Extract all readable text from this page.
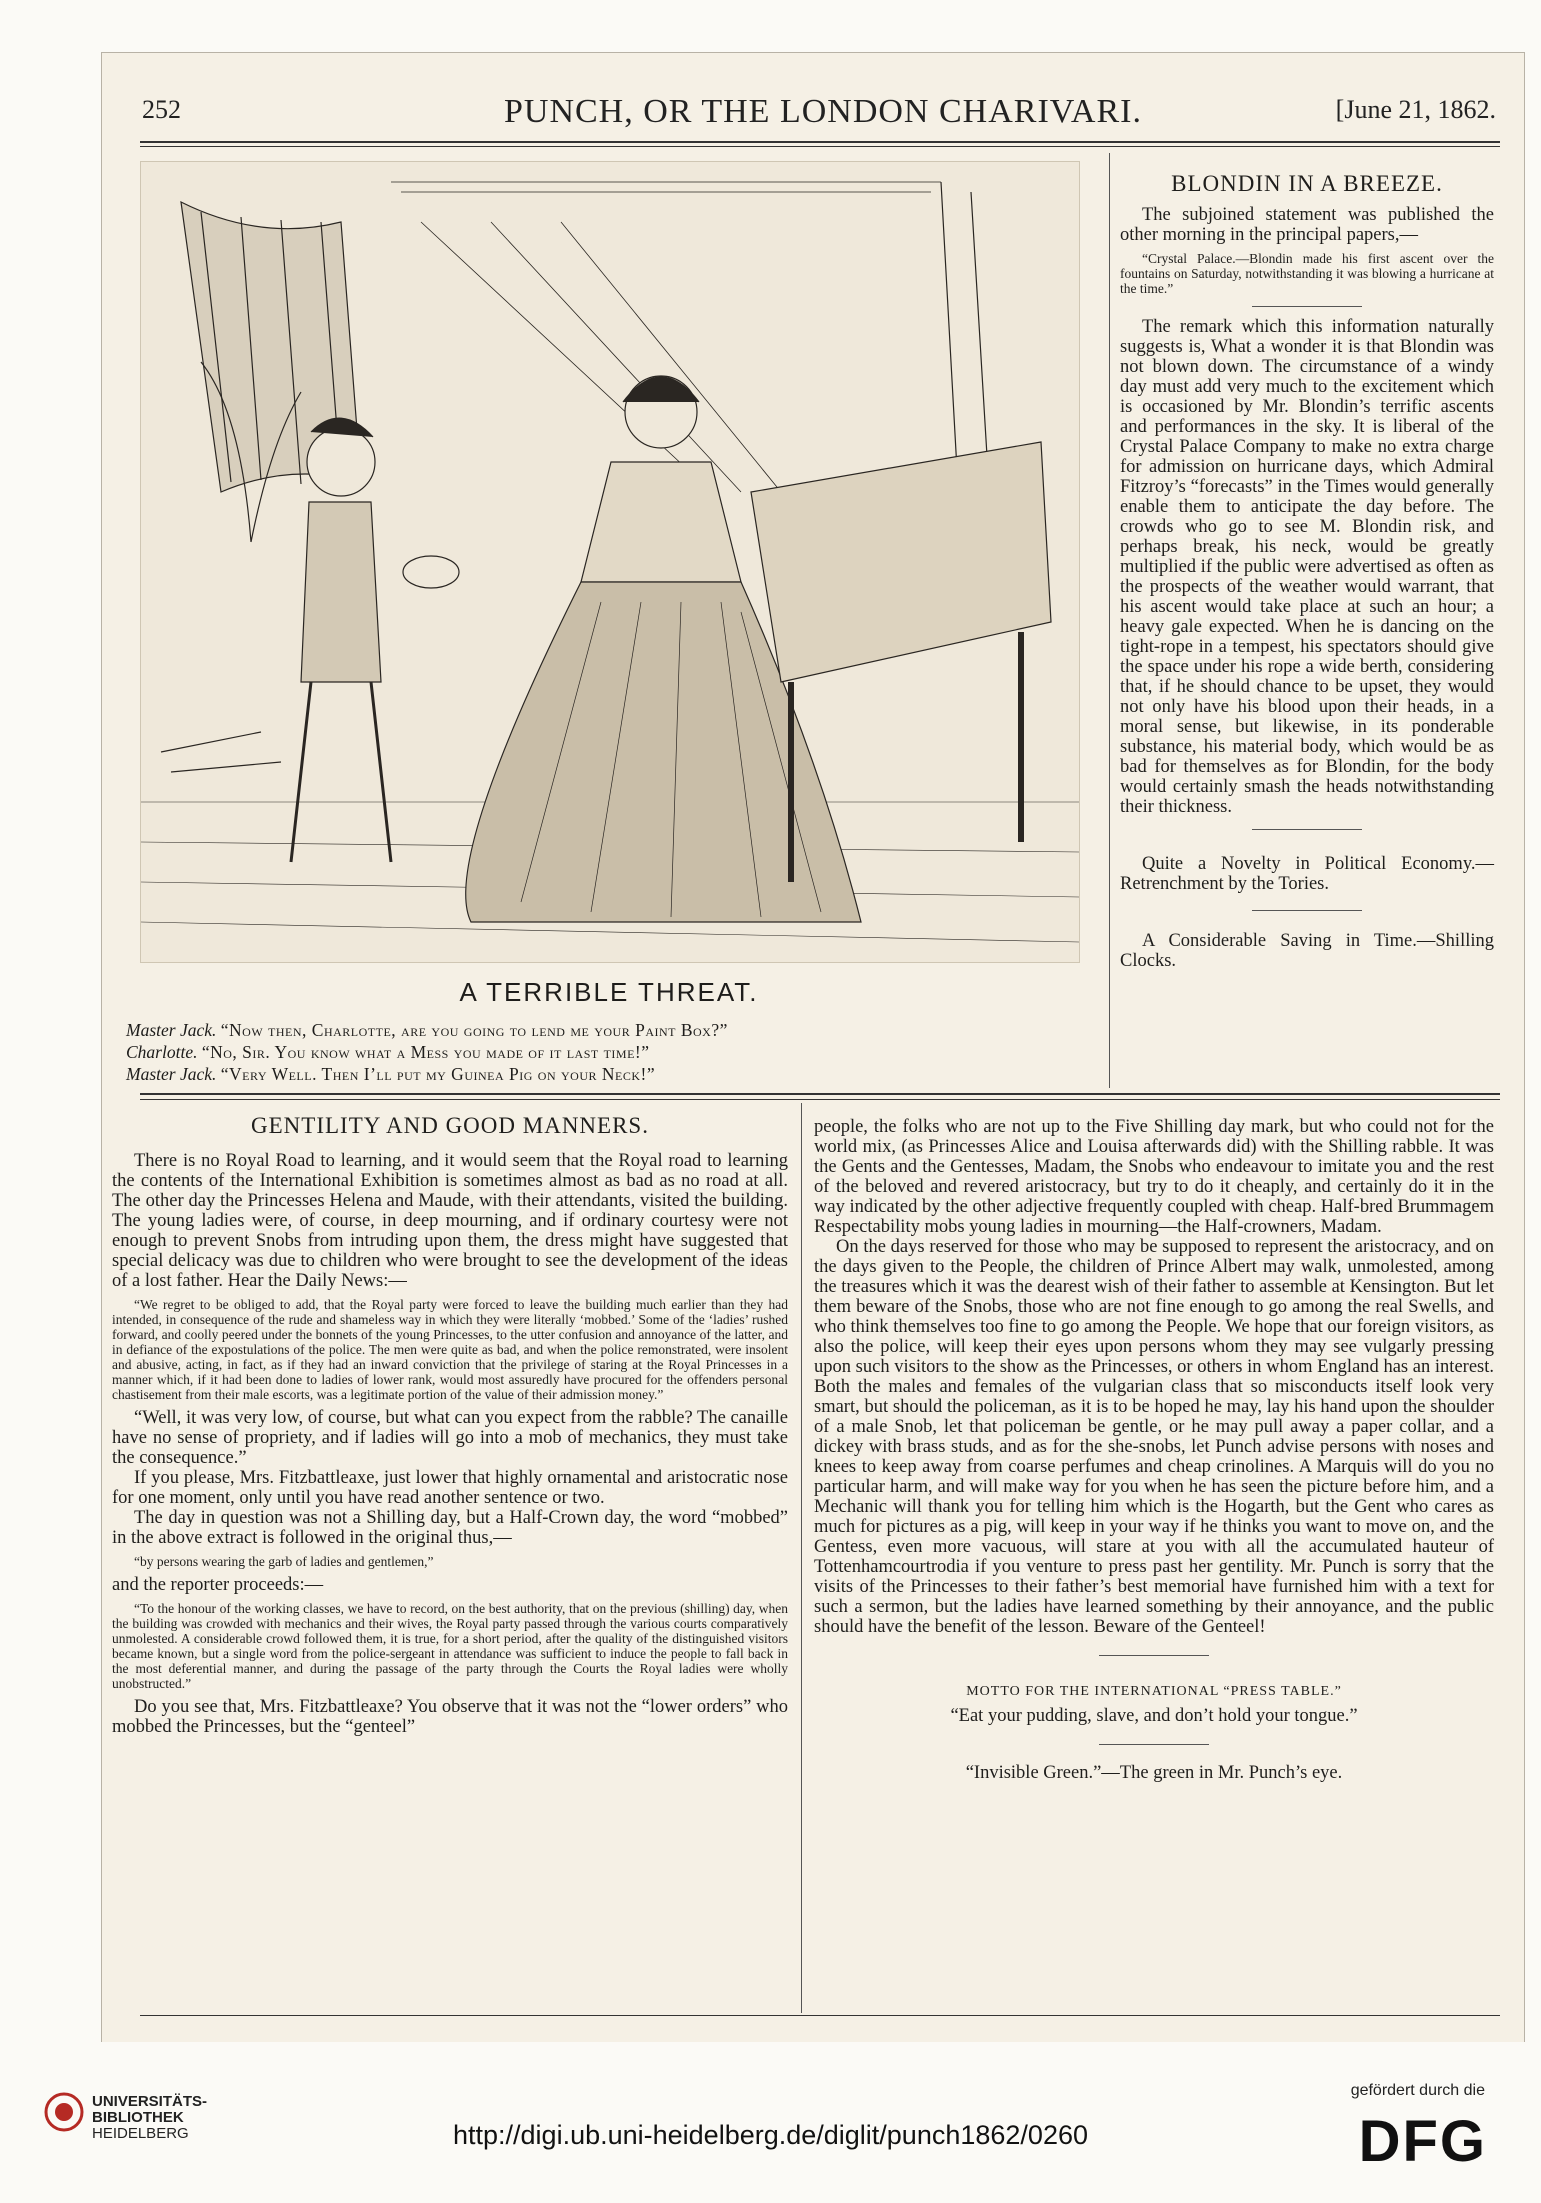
252	PUNCH, OR THE LONDON CHARIVARI.	[June 21, 1862.
A TERRIBLE THREAT.

Master Jack. “Now then, Charlotte, are you going to lend me your Paint Box?”

Charlotte. “No, Sir. You know what a Mess you made of it last time!”

Master Jack. “Very Well. Then I’ll put my Guinea Pig on your Neck!”

BLONDIN IN A BREEZE.

The subjoined statement was published the other morning in the principal papers,—

“Crystal Palace.—Blondin made his first ascent over the fountains on Saturday, notwithstanding it was blowing a hurricane at the time.”

The remark which this information naturally suggests is, What a wonder it is that Blondin was not blown down. The circumstance of a windy day must add very much to the excitement which is occasioned by Mr. Blondin’s terrific ascents and performances in the sky. It is liberal of the Crystal Palace Company to make no extra charge for admission on hurricane days, which Admiral Fitzroy’s “forecasts” in the Times would generally enable them to anticipate the day before. The crowds who go to see M. Blondin risk, and perhaps break, his neck, would be greatly multiplied if the public were advertised as often as the prospects of the weather would warrant, that his ascent would take place at such an hour; a heavy gale expected. When he is dancing on the tight-rope in a tempest, his spectators should give the space under his rope a wide berth, considering that, if he should chance to be upset, they would not only have his blood upon their heads, in a moral sense, but likewise, in its ponderable substance, his material body, which would be as bad for themselves as for Blondin, for the body would certainly smash the heads notwithstanding their thickness.

Quite a Novelty in Political Economy.—Retrenchment by the Tories.

A Considerable Saving in Time.—Shilling Clocks.

GENTILITY AND GOOD MANNERS.

There is no Royal Road to learning, and it would seem that the Royal road to learning the contents of the International Exhibition is sometimes almost as bad as no road at all. The other day the Princesses Helena and Maude, with their attendants, visited the building. The young ladies were, of course, in deep mourning, and if ordinary courtesy were not enough to prevent Snobs from intruding upon them, the dress might have suggested that special delicacy was due to children who were brought to see the development of the ideas of a lost father. Hear the Daily News:—

“We regret to be obliged to add, that the Royal party were forced to leave the building much earlier than they had intended, in consequence of the rude and shameless way in which they were literally ‘mobbed.’ Some of the ‘ladies’ rushed forward, and coolly peered under the bonnets of the young Princesses, to the utter confusion and annoyance of the latter, and in defiance of the expostulations of the police. The men were quite as bad, and when the police remonstrated, were insolent and abusive, acting, in fact, as if they had an inward conviction that the privilege of staring at the Royal Princesses in a manner which, if it had been done to ladies of lower rank, would most assuredly have procured for the offenders personal chastisement from their male escorts, was a legitimate portion of the value of their admission money.”

“Well, it was very low, of course, but what can you expect from the rabble? The canaille have no sense of propriety, and if ladies will go into a mob of mechanics, they must take the consequence.”

If you please, Mrs. Fitzbattleaxe, just lower that highly ornamental and aristocratic nose for one moment, only until you have read another sentence or two.

The day in question was not a Shilling day, but a Half-Crown day, the word “mobbed” in the above extract is followed in the original thus,—

“by persons wearing the garb of ladies and gentlemen,”

and the reporter proceeds:—

“To the honour of the working classes, we have to record, on the best authority, that on the previous (shilling) day, when the building was crowded with mechanics and their wives, the Royal party passed through the various courts comparatively unmolested. A considerable crowd followed them, it is true, for a short period, after the quality of the distinguished visitors became known, but a single word from the police-sergeant in attendance was sufficient to induce the people to fall back in the most deferential manner, and during the passage of the party through the Courts the Royal ladies were wholly unobstructed.”

Do you see that, Mrs. Fitzbattleaxe? You observe that it was not the “lower orders” who mobbed the Princesses, but the “genteel”

people, the folks who are not up to the Five Shilling day mark, but who could not for the world mix, (as Princesses Alice and Louisa afterwards did) with the Shilling rabble. It was the Gents and the Gentesses, Madam, the Snobs who endeavour to imitate you and the rest of the beloved and revered aristocracy, but try to do it cheaply, and certainly do it in the way indicated by the other adjective frequently coupled with cheap. Half-bred Brummagem Respectability mobs young ladies in mourning—the Half-crowners, Madam.

On the days reserved for those who may be supposed to represent the aristocracy, and on the days given to the People, the children of Prince Albert may walk, unmolested, among the treasures which it was the dearest wish of their father to assemble at Kensington. But let them beware of the Snobs, those who are not fine enough to go among the real Swells, and who think themselves too fine to go among the People. We hope that our foreign visitors, as also the police, will keep their eyes upon persons whom they may see vulgarly pressing upon such visitors to the show as the Princesses, or others in whom England has an interest. Both the males and females of the vulgarian class that so misconducts itself look very smart, but should the policeman, as it is to be hoped he may, lay his hand upon the shoulder of a male Snob, let that policeman be gentle, or he may pull away a paper collar, and a dickey with brass studs, and as for the she-snobs, let Punch advise persons with noses and knees to keep away from coarse perfumes and cheap crinolines. A Marquis will do you no particular harm, and will make way for you when he has seen the picture before him, and a Mechanic will thank you for telling him which is the Hogarth, but the Gent who cares as much for pictures as a pig, will keep in your way if he thinks you want to move on, and the Gentess, even more vacuous, will stare at you with all the accumulated hauteur of Tottenhamcourtrodia if you venture to press past her gentility. Mr. Punch is sorry that the visits of the Princesses to their father’s best memorial have furnished him with a text for such a sermon, but the ladies have learned something by their annoyance, and the public should have the benefit of the lesson. Beware of the Genteel!

MOTTO FOR THE INTERNATIONAL “PRESS TABLE.”

“Eat your pudding, slave, and don’t hold your tongue.”

“Invisible Green.”—The green in Mr. Punch’s eye.

UNIVERSITÄTS-
BIBLIOTHEK
HEIDELBERG	http://digi.ub.uni-heidelberg.de/diglit/punch1862/0260
gefördert durch die
DFG
